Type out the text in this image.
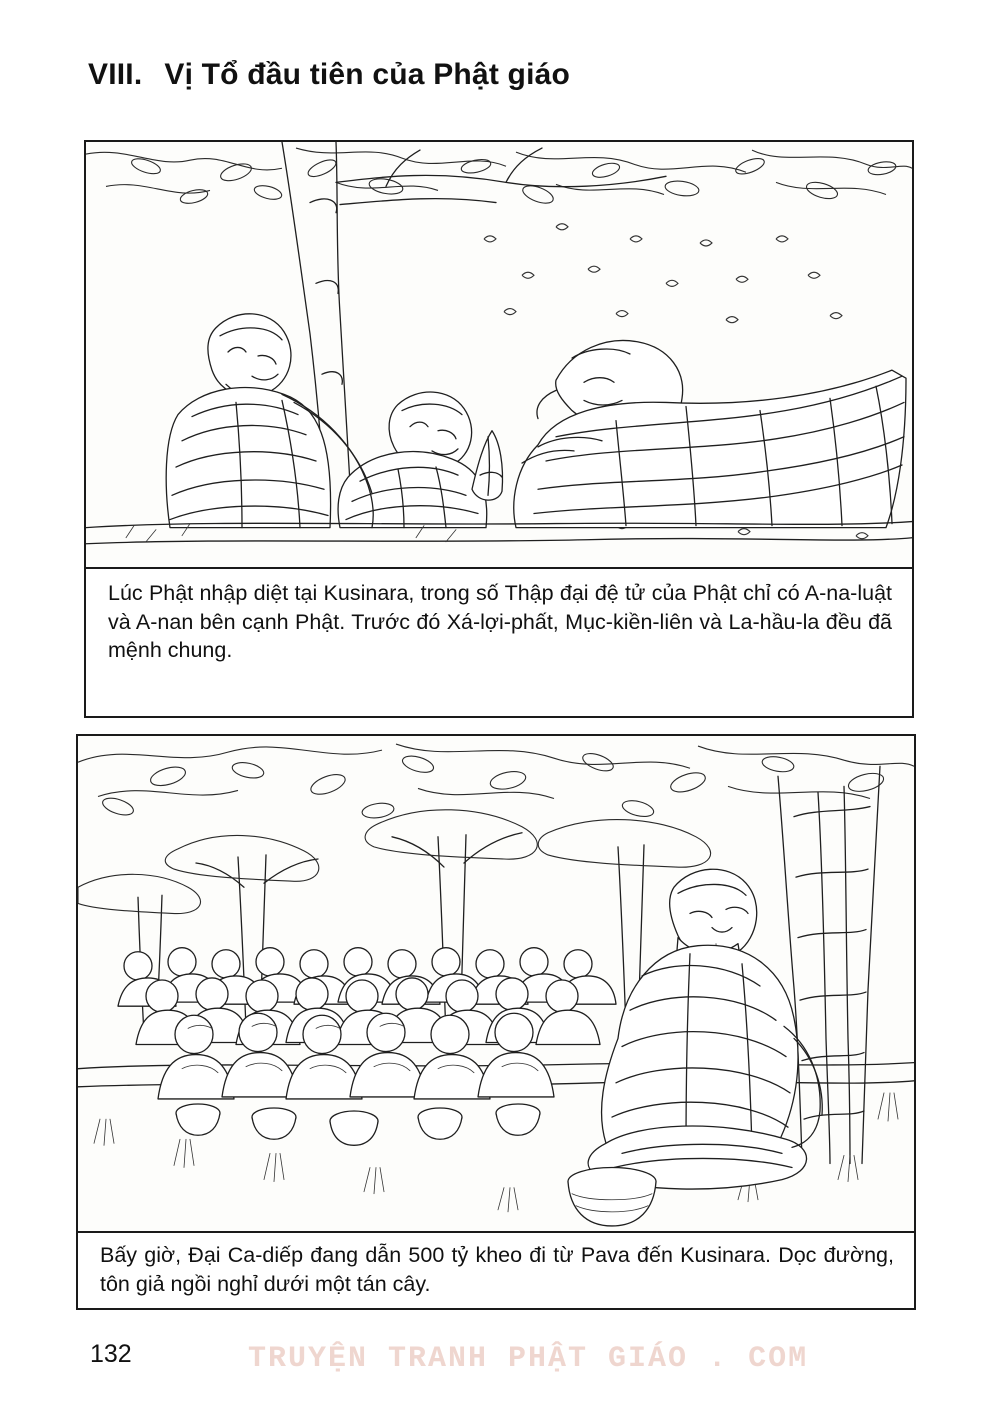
VIII. Vị Tổ đầu tiên của Phật giáo
Lúc Phật nhập diệt tại Kusinara, trong số Thập đại đệ tử của Phật chỉ có A-na-luật và A-nan bên cạnh Phật. Trước đó Xá-lợi-phất, Mục-kiền-liên và La-hầu-la đều đã mệnh chung.
Bấy giờ, Đại Ca-diếp đang dẫn 500 tỷ kheo đi từ Pava đến Kusinara. Dọc đường, tôn giả ngồi nghỉ dưới một tán cây.
132	TRUYỆN TRANH PHẬT GIÁO . COM
